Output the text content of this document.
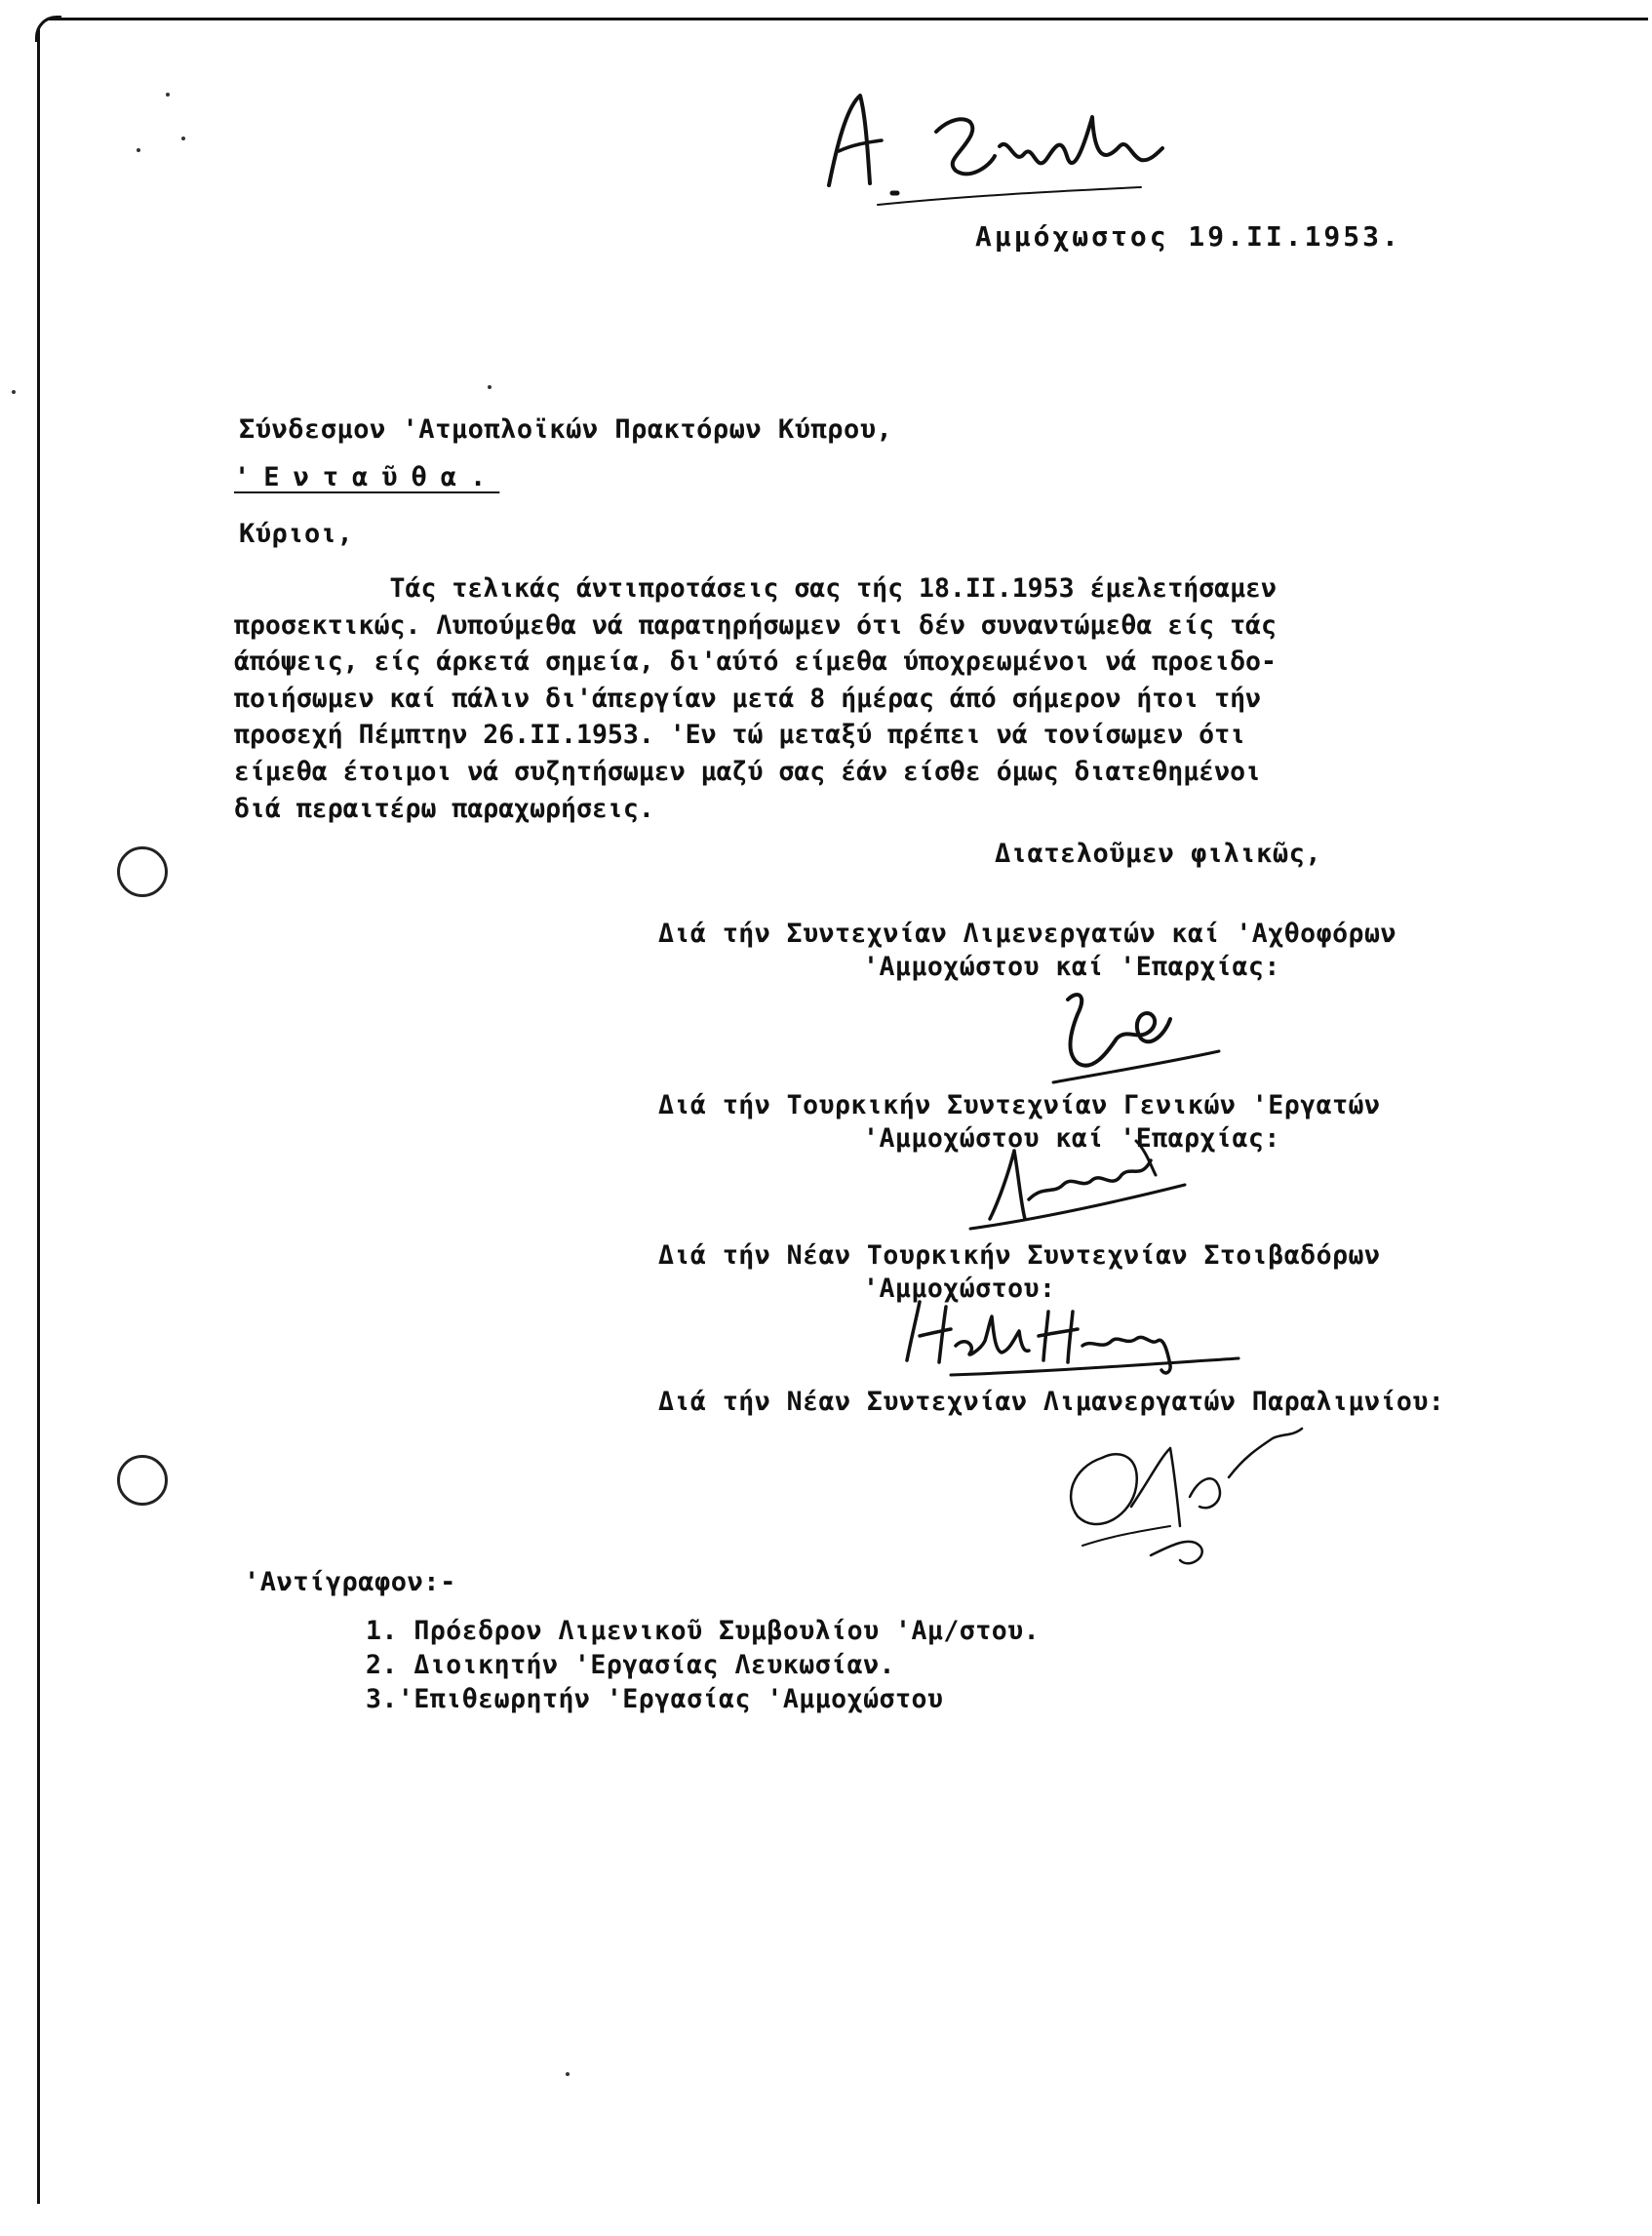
Αμμόχωστος 19.II.1953.
Σύνδεσμον 'Ατμοπλοϊκών Πρακτόρων Κύπρου,
'Ενταῦθα.
Κύριοι,
Τάς τελικάς άντιπροτάσεις σας τής 18.II.1953 έμελετήσαμεν
προσεκτικώς. Λυπούμεθα νά παρατηρήσωμεν ότι δέν συναντώμεθα είς τάς
άπόψεις, είς άρκετά σημεία, δι'αύτό είμεθα ύποχρεωμένοι νά προειδο-
ποιήσωμεν καί πάλιν δι'άπεργίαν μετά 8 ήμέρας άπό σήμερον ήτοι τήν
προσεχή Πέμπτην 26.II.1953. 'Εν τώ μεταξύ πρέπει νά τονίσωμεν ότι
είμεθα έτοιμοι νά συζητήσωμεν μαζύ σας έάν είσθε όμως διατεθημένοι
διά περαιτέρω παραχωρήσεις.
Διατελοῦμεν φιλικῶς,
Διά τήν Συντεχνίαν Λιμενεργατών καί 'Αχθοφόρων
'Αμμοχώστου καί 'Επαρχίας:
Διά τήν Τουρκικήν Συντεχνίαν Γενικών 'Εργατών
'Αμμοχώστου καί 'Επαρχίας:
Διά τήν Νέαν Τουρκικήν Συντεχνίαν Στοιβαδόρων
'Αμμοχώστου:
Διά τήν Νέαν Συντεχνίαν Λιμανεργατών Παραλιμνίου:
'Αντίγραφον:-
1. Πρόεδρον Λιμενικοῦ Συμβουλίου 'Αμ/στου.
2. Διοικητήν 'Εργασίας Λευκωσίαν.
3.'Επιθεωρητήν 'Εργασίας 'Αμμοχώστου
